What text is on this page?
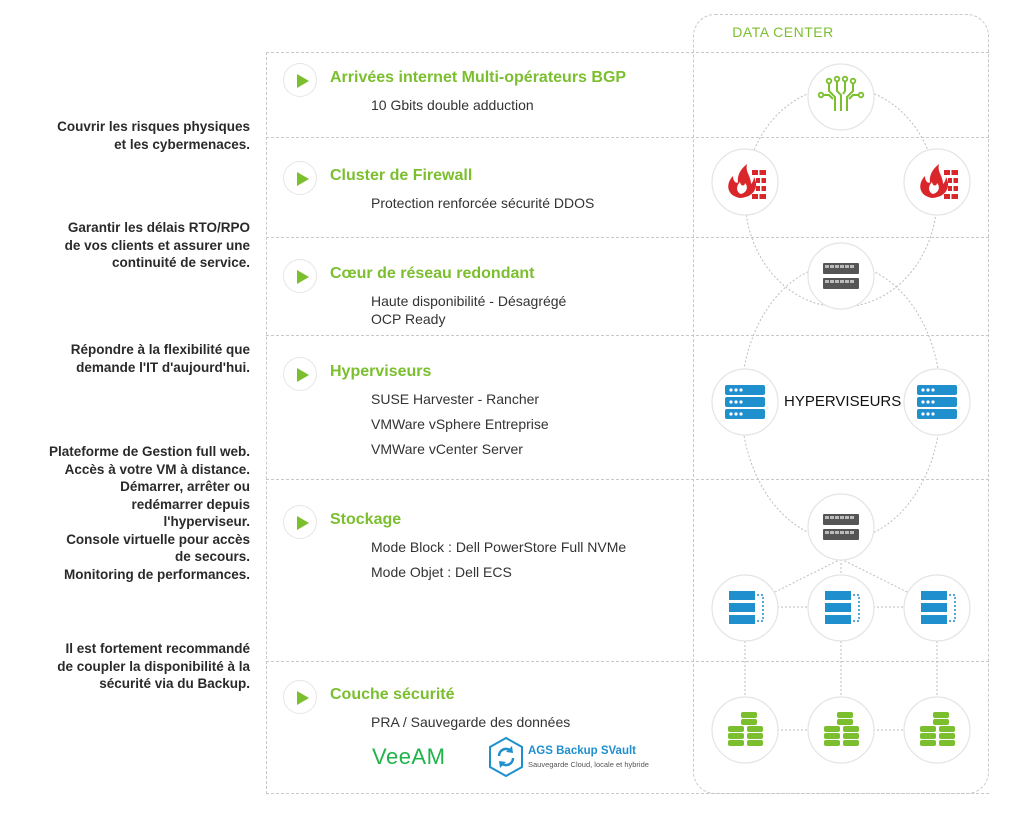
Couvrir les risques physiques
et les cybermenaces.
Garantir les délais RTO/RPO
de vos clients et assurer une
continuité de service.
Répondre à la flexibilité que
demande l'IT d'aujourd'hui.
Plateforme de Gestion full web.
Accès à votre VM à distance.
Démarrer, arrêter ou
redémarrer depuis
l'hyperviseur.
Console virtuelle pour accès
de secours.
Monitoring de performances.
Il est fortement recommandé
de coupler la disponibilité à la
sécurité via du Backup.
DATA CENTER
Arrivées internet Multi-opérateurs BGP
10 Gbits double adduction
Cluster de Firewall
Protection renforcée sécurité DDOS
Cœur de réseau redondant
Haute disponibilité - Désagrégé
OCP Ready
Hyperviseurs
SUSE Harvester - Rancher
VMWare vSphere Entreprise
VMWare vCenter Server
Stockage
Mode Block : Dell PowerStore Full NVMe
Mode Objet : Dell ECS
Couche sécurité
PRA / Sauvegarde des données
VeeAM	AGS Backup SVault
Sauvegarde Cloud, locale et hybride
HYPERVISEURS
